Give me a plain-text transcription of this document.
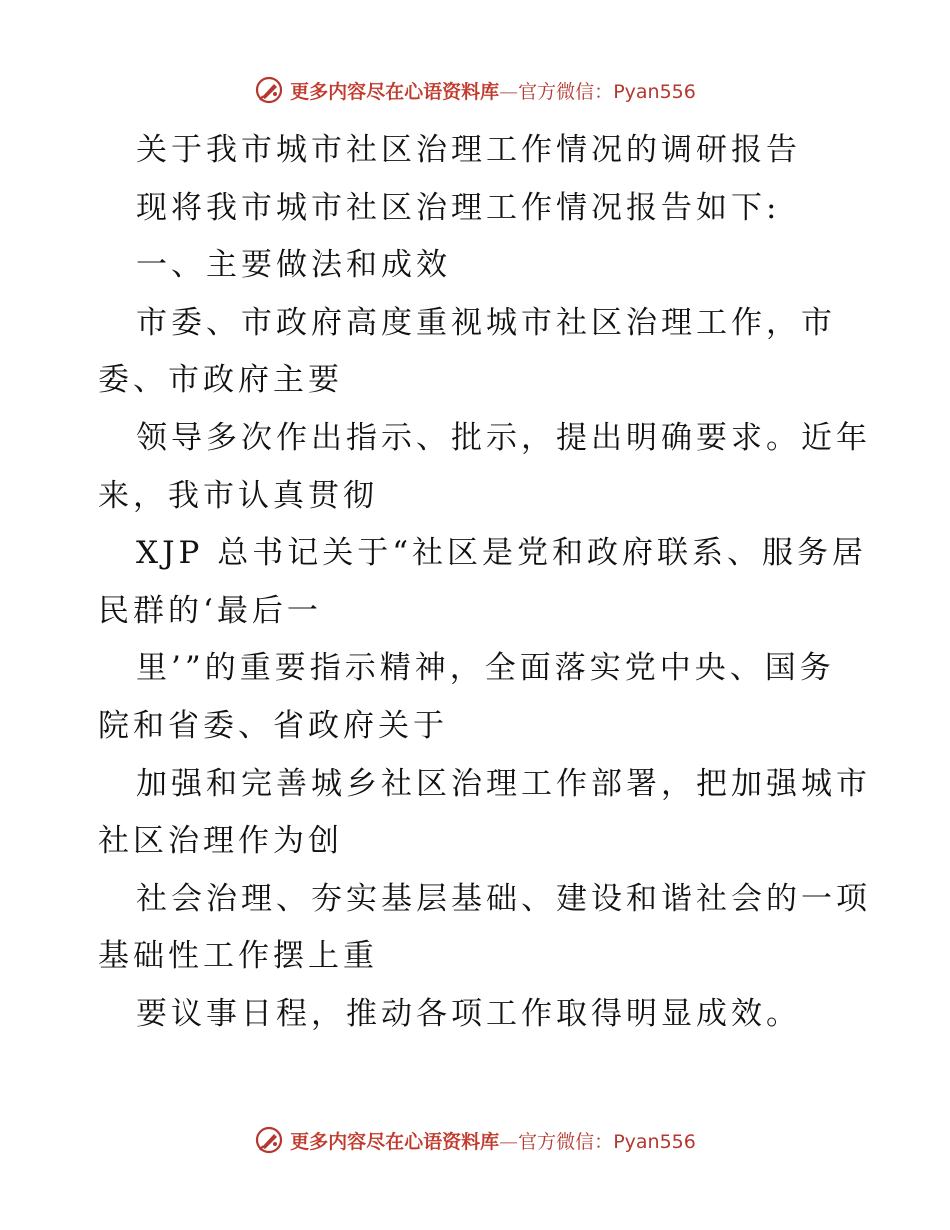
更多内容尽在心语资料库—官方微信：Pyan556
关于我市城市社区治理工作情况的调研报告
现将我市城市社区治理工作情况报告如下:
一、主要做法和成效
市委、市政府高度重视城市社区治理工作，市
委、市政府主要
领导多次作出指示、批示，提出明确要求。近年
来，我市认真贯彻
XJP 总书记关于“社区是党和政府联系、服务居
民群的‘最后一
里’”的重要指示精神，全面落实党中央、国务
院和省委、省政府关于
加强和完善城乡社区治理工作部署，把加强城市
社区治理作为创
社会治理、夯实基层基础、建设和谐社会的一项
基础性工作摆上重
要议事日程，推动各项工作取得明显成效。
更多内容尽在心语资料库—官方微信：Pyan556
